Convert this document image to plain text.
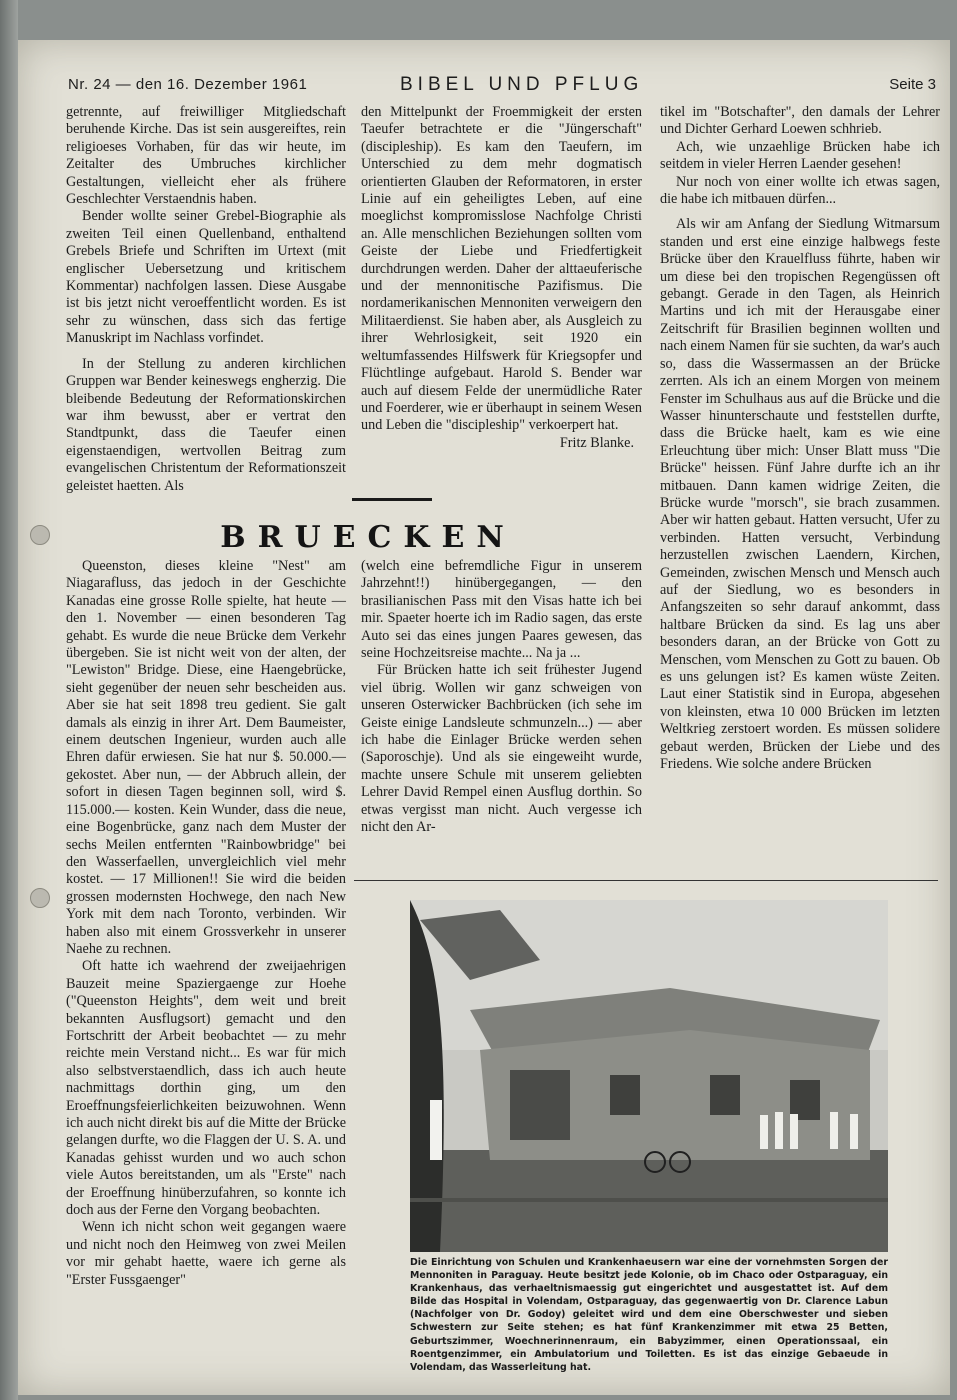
Nr. 24 — den 16. Dezember 1961	BIBEL UND PFLUG	Seite 3

getrennte, auf freiwilliger Mitgliedschaft beruhende Kirche. Das ist sein ausgereiftes, rein religioeses Vorhaben, für das wir heute, im Zeitalter des Umbruches kirchlicher Gestaltungen, vielleicht eher als frühere Geschlechter Verstaendnis haben.

Bender wollte seiner Grebel-Biographie als zweiten Teil einen Quellenband, enthaltend Grebels Briefe und Schriften im Urtext (mit englischer Uebersetzung und kritischem Kommentar) nachfolgen lassen. Diese Ausgabe ist bis jetzt nicht veroeffentlicht worden. Es ist sehr zu wünschen, dass sich das fertige Manuskript im Nachlass vorfindet.

In der Stellung zu anderen kirchlichen Gruppen war Bender keineswegs engherzig. Die bleibende Bedeutung der Reformationskirchen war ihm bewusst, aber er vertrat den Standtpunkt, dass die Taeufer einen eigenstaendigen, wertvollen Beitrag zum evangelischen Christentum der Reformationszeit geleistet haetten. Als

den Mittelpunkt der Froemmigkeit der ersten Taeufer betrachtete er die "Jüngerschaft" (discipleship). Es kam den Taeufern, im Unterschied zu dem mehr dogmatisch orientierten Glauben der Reformatoren, in erster Linie auf ein geheiligtes Leben, auf eine moeglichst kompromisslose Nachfolge Christi an. Alle menschlichen Beziehungen sollten vom Geiste der Liebe und Friedfertigkeit durchdrungen werden. Daher der alttaeuferische und der mennonitische Pazifismus. Die nordamerikanischen Mennoniten verweigern den Militaerdienst. Sie haben aber, als Ausgleich zu ihrer Wehrlosigkeit, seit 1920 ein weltumfassendes Hilfswerk für Kriegsopfer und Flüchtlinge aufgebaut. Harold S. Bender war auch auf diesem Felde der unermüdliche Rater und Foerderer, wie er überhaupt in seinem Wesen und Leben die "discipleship" verkoerpert hat.

Fritz Blanke.

tikel im "Botschafter", den damals der Lehrer und Dichter Gerhard Loewen schhrieb.

Ach, wie unzaehlige Brücken habe ich seitdem in vieler Herren Laender gesehen!

Nur noch von einer wollte ich etwas sagen, die habe ich mitbauen dürfen...

Als wir am Anfang der Siedlung Witmarsum standen und erst eine einzige halbwegs feste Brücke über den Krauelfluss führte, haben wir um diese bei den tropischen Regengüssen oft gebangt. Gerade in den Tagen, als Heinrich Martins und ich mit der Herausgabe einer Zeitschrift für Brasilien beginnen wollten und nach einem Namen für sie suchten, da war's auch so, dass die Wassermassen an der Brücke zerrten. Als ich an einem Morgen von meinem Fenster im Schulhaus aus auf die Brücke und die Wasser hinunterschaute und feststellen durfte, dass die Brücke haelt, kam es wie eine Erleuchtung über mich: Unser Blatt muss "Die Brücke" heissen. Fünf Jahre durfte ich an ihr mitbauen. Dann kamen widrige Zeiten, die Brücke wurde "morsch", sie brach zusammen. Aber wir hatten gebaut. Hatten versucht, Ufer zu verbinden. Hatten versucht, Verbindung herzustellen zwischen Laendern, Kirchen, Gemeinden, zwischen Mensch und Mensch auch auf der Siedlung, wo es besonders in Anfangszeiten so sehr darauf ankommt, dass haltbare Brücken da sind. Es lag uns aber besonders daran, an der Brücke von Gott zu Menschen, vom Menschen zu Gott zu bauen. Ob es uns gelungen ist? Es kamen wüste Zeiten. Laut einer Statistik sind in Europa, abgesehen von kleinsten, etwa 10 000 Brücken im letzten Weltkrieg zerstoert worden. Es müssen solidere gebaut werden, Brücken der Liebe und des Friedens. Wie solche andere Brücken

BRUECKEN

Queenston, dieses kleine "Nest" am Niagarafluss, das jedoch in der Geschichte Kanadas eine grosse Rolle spielte, hat heute — den 1. November — einen besonderen Tag gehabt. Es wurde die neue Brücke dem Verkehr übergeben. Sie ist nicht weit von der alten, der "Lewiston" Bridge. Diese, eine Haengebrücke, sieht gegenüber der neuen sehr bescheiden aus. Aber sie hat seit 1898 treu gedient. Sie galt damals als einzig in ihrer Art. Dem Baumeister, einem deutschen Ingenieur, wurden auch alle Ehren dafür erwiesen. Sie hat nur $. 50.000.— gekostet. Aber nun, — der Abbruch allein, der sofort in diesen Tagen beginnen soll, wird $. 115.000.— kosten. Kein Wunder, dass die neue, eine Bogenbrücke, ganz nach dem Muster der sechs Meilen entfernten "Rainbowbridge" bei den Wasserfaellen, unvergleichlich viel mehr kostet. — 17 Millionen!! Sie wird die beiden grossen modernsten Hochwege, den nach New York mit dem nach Toronto, verbinden. Wir haben also mit einem Grossverkehr in unserer Naehe zu rechnen.

Oft hatte ich waehrend der zweijaehrigen Bauzeit meine Spaziergaenge zur Hoehe ("Queenston Heights", dem weit und breit bekannten Ausflugsort) gemacht und den Fortschritt der Arbeit beobachtet — zu mehr reichte mein Verstand nicht... Es war für mich also selbstverstaendlich, dass ich auch heute nachmittags dorthin ging, um den Eroeffnungsfeierlichkeiten beizuwohnen. Wenn ich auch nicht direkt bis auf die Mitte der Brücke gelangen durfte, wo die Flaggen der U. S. A. und Kanadas gehisst wurden und wo auch schon viele Autos bereitstanden, um als "Erste" nach der Eroeffnung hinüberzufahren, so konnte ich doch aus der Ferne den Vorgang beobachten.

Wenn ich nicht schon weit gegangen waere und nicht noch den Heimweg von zwei Meilen vor mir gehabt haette, waere ich gerne als "Erster Fussgaenger"

(welch eine befremdliche Figur in unserem Jahrzehnt!!) hinübergegangen, — den brasilianischen Pass mit den Visas hatte ich bei mir. Spaeter hoerte ich im Radio sagen, das erste Auto sei das eines jungen Paares gewesen, das seine Hochzeitsreise machte... Na ja ...

Für Brücken hatte ich seit frühester Jugend viel übrig. Wollen wir ganz schweigen von unseren Osterwicker Bachbrücken (ich sehe im Geiste einige Landsleute schmunzeln...) — aber ich habe die Einlager Brücke werden sehen (Saporoschje). Und als sie eingeweiht wurde, machte unsere Schule mit unserem geliebten Lehrer David Rempel einen Ausflug dorthin. So etwas vergisst man nicht. Auch vergesse ich nicht den Ar-

Die Einrichtung von Schulen und Krankenhaeusern war eine der vornehmsten Sorgen der Mennoniten in Paraguay. Heute besitzt jede Kolonie, ob im Chaco oder Ostparaguay, ein Krankenhaus, das verhaeltnismaessig gut eingerichtet und ausgestattet ist. Auf dem Bilde das Hospital in Volendam, Ostparaguay, das gegenwaertig von Dr. Clarence Labun (Nachfolger von Dr. Godoy) geleitet wird und dem eine Oberschwester und sieben Schwestern zur Seite stehen; es hat fünf Krankenzimmer mit etwa 25 Betten, Geburtszimmer, Woechnerinnenraum, ein Babyzimmer, einen Operationssaal, ein Roentgenzimmer, ein Ambulatorium und Toiletten. Es ist das einzige Gebaeude in Volendam, das Wasserleitung hat.
